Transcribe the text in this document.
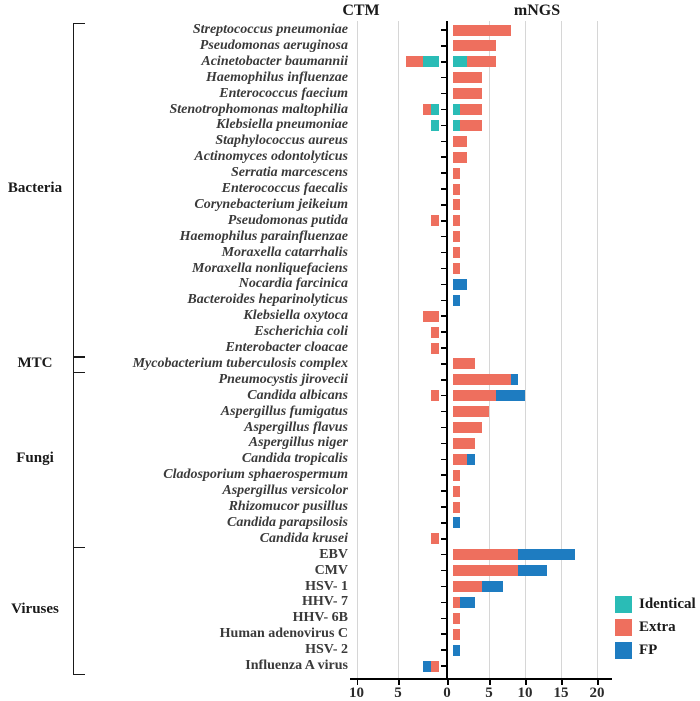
CTM	mNGS
Identical
Extra
FP
10	5	0	5	10	15	20
Streptococcus pneumoniae
Pseudomonas aeruginosa
Acinetobacter baumannii
Haemophilus influenzae
Enterococcus faecium
Stenotrophomonas maltophilia
Klebsiella pneumoniae
Staphylococcus aureus
Actinomyces odontolyticus
Serratia marcescens
Enterococcus faecalis
Corynebacterium jeikeium
Pseudomonas putida
Haemophilus parainfluenzae
Moraxella catarrhalis
Moraxella nonliquefaciens
Nocardia farcinica
Bacteroides heparinolyticus
Klebsiella oxytoca
Escherichia coli
Enterobacter cloacae
Bacteria
Mycobacterium tuberculosis complex
MTC
Pneumocystis jirovecii
Candida albicans
Aspergillus fumigatus
Aspergillus flavus
Aspergillus niger
Candida tropicalis
Cladosporium sphaerospermum
Aspergillus versicolor
Rhizomucor pusillus
Candida parapsilosis
Candida krusei
Fungi
EBV
CMV
HSV- 1
HHV- 7
HHV- 6B
Human adenovirus C
HSV- 2
Influenza A virus
Viruses
